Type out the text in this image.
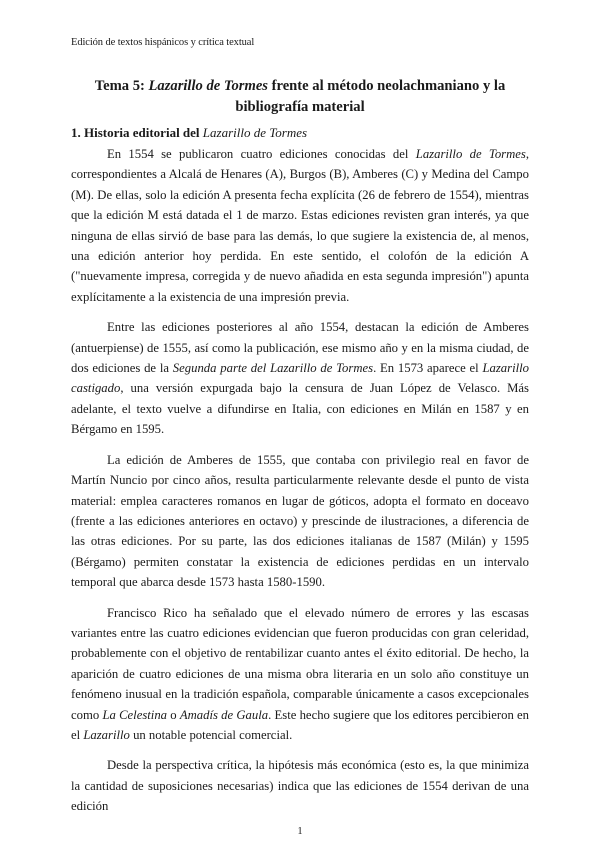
Edición de textos hispánicos y crítica textual
Tema 5: Lazarillo de Tormes frente al método neolachmaniano y la bibliografía material
1. Historia editorial del Lazarillo de Tormes

En 1554 se publicaron cuatro ediciones conocidas del Lazarillo de Tormes, correspondientes a Alcalá de Henares (A), Burgos (B), Amberes (C) y Medina del Campo (M). De ellas, solo la edición A presenta fecha explícita (26 de febrero de 1554), mientras que la edición M está datada el 1 de marzo. Estas ediciones revisten gran interés, ya que ninguna de ellas sirvió de base para las demás, lo que sugiere la existencia de, al menos, una edición anterior hoy perdida. En este sentido, el colofón de la edición A ("nuevamente impresa, corregida y de nuevo añadida en esta segunda impresión") apunta explícitamente a la existencia de una impresión previa.

Entre las ediciones posteriores al año 1554, destacan la edición de Amberes (antuerpiense) de 1555, así como la publicación, ese mismo año y en la misma ciudad, de dos ediciones de la Segunda parte del Lazarillo de Tormes. En 1573 aparece el Lazarillo castigado, una versión expurgada bajo la censura de Juan López de Velasco. Más adelante, el texto vuelve a difundirse en Italia, con ediciones en Milán en 1587 y en Bérgamo en 1595.

La edición de Amberes de 1555, que contaba con privilegio real en favor de Martín Nuncio por cinco años, resulta particularmente relevante desde el punto de vista material: emplea caracteres romanos en lugar de góticos, adopta el formato en doceavo (frente a las ediciones anteriores en octavo) y prescinde de ilustraciones, a diferencia de las otras ediciones. Por su parte, las dos ediciones italianas de 1587 (Milán) y 1595 (Bérgamo) permiten constatar la existencia de ediciones perdidas en un intervalo temporal que abarca desde 1573 hasta 1580-1590.

Francisco Rico ha señalado que el elevado número de errores y las escasas variantes entre las cuatro ediciones evidencian que fueron producidas con gran celeridad, probablemente con el objetivo de rentabilizar cuanto antes el éxito editorial. De hecho, la aparición de cuatro ediciones de una misma obra literaria en un solo año constituye un fenómeno inusual en la tradición española, comparable únicamente a casos excepcionales como La Celestina o Amadís de Gaula. Este hecho sugiere que los editores percibieron en el Lazarillo un notable potencial comercial.

Desde la perspectiva crítica, la hipótesis más económica (esto es, la que minimiza la cantidad de suposiciones necesarias) indica que las ediciones de 1554 derivan de una edición

1
